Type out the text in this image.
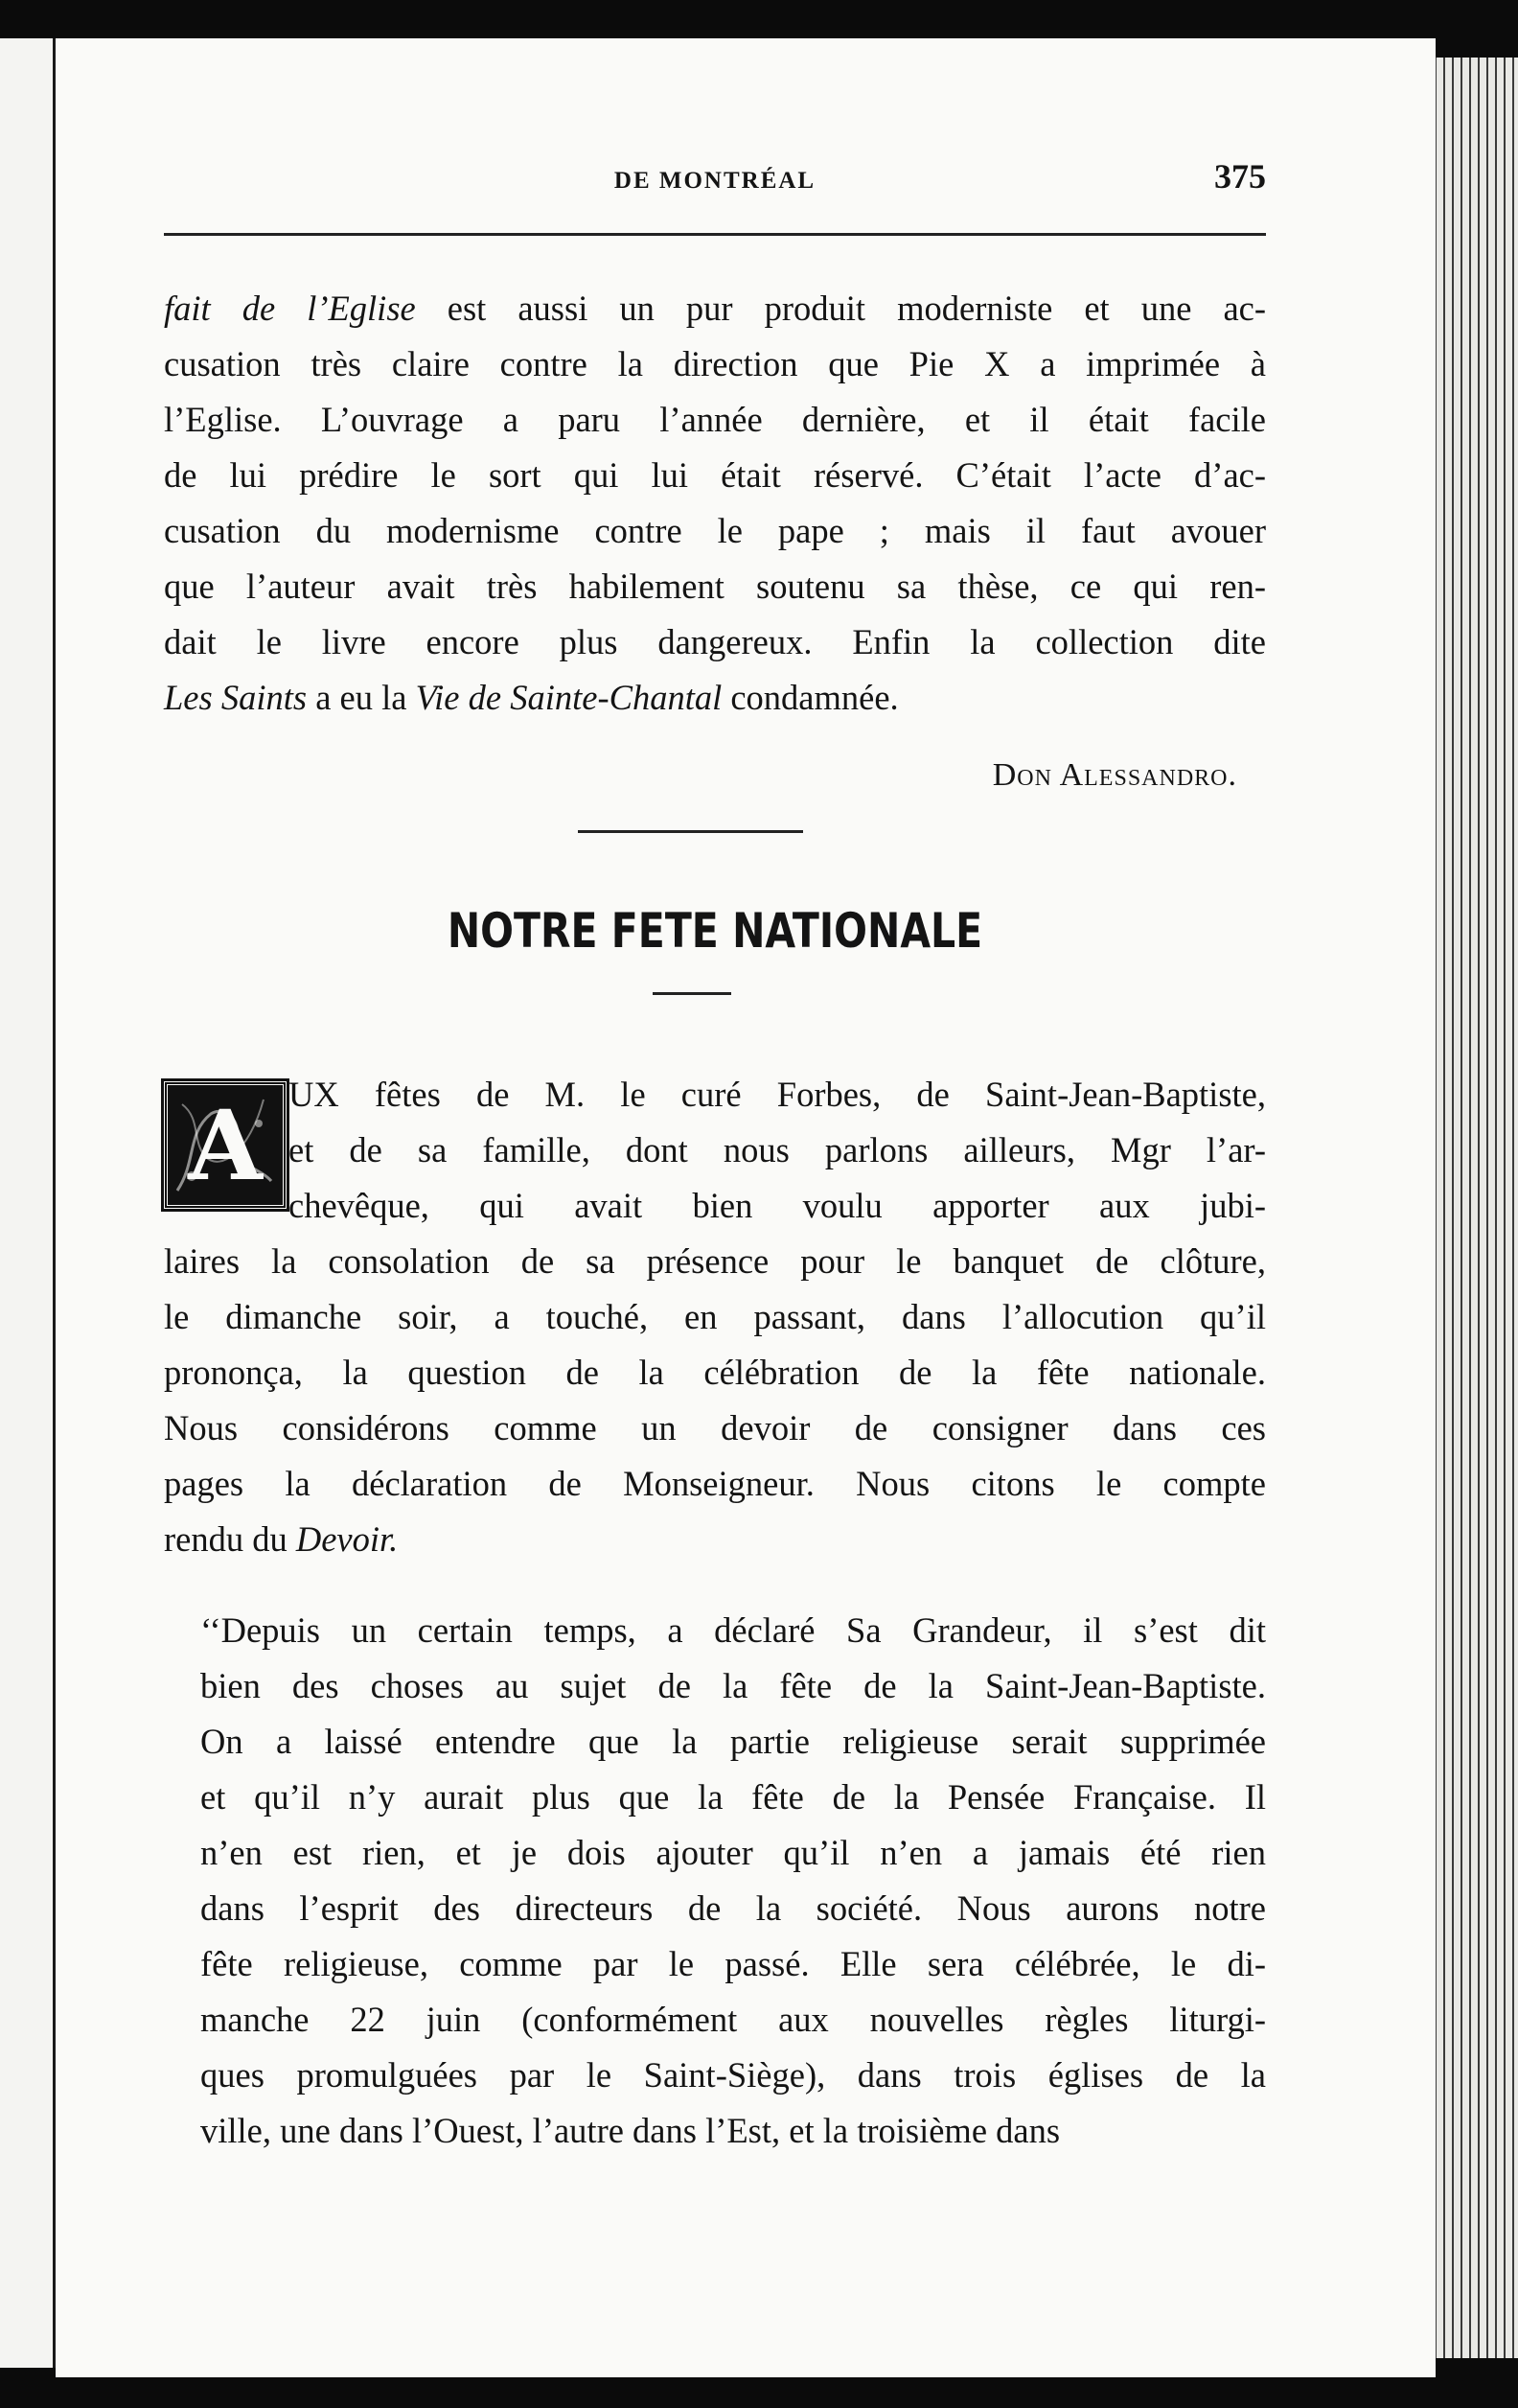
DE MONTRÉAL	375

fait de l’Eglise est aussi un pur produit moderniste et une ac-
cusation très claire contre la direction que Pie X a imprimée à
l’Eglise. L’ouvrage a paru l’année dernière, et il était facile
de lui prédire le sort qui lui était réservé. C’était l’acte d’ac-
cusation du modernisme contre le pape ; mais il faut avouer
que l’auteur avait très habilement soutenu sa thèse, ce qui ren-
dait le livre encore plus dangereux. Enfin la collection dite
Les Saints a eu la Vie de Sainte-Chantal condamnée.

Don Alessandro.
NOTRE FETE NATIONALE
A UX fêtes de M. le curé Forbes, de Saint-Jean-Baptiste,
et de sa famille, dont nous parlons ailleurs, Mgr l’ar-
chevêque, qui avait bien voulu apporter aux jubi-
laires la consolation de sa présence pour le banquet de clôture,
le dimanche soir, a touché, en passant, dans l’allocution qu’il
prononça, la question de la célébration de la fête nationale.
Nous considérons comme un devoir de consigner dans ces
pages la déclaration de Monseigneur. Nous citons le compte
rendu du Devoir.

‘‘Depuis un certain temps, a déclaré Sa Grandeur, il s’est dit
bien des choses au sujet de la fête de la Saint-Jean-Baptiste.
On a laissé entendre que la partie religieuse serait supprimée
et qu’il n’y aurait plus que la fête de la Pensée Française. Il
n’en est rien, et je dois ajouter qu’il n’en a jamais été rien
dans l’esprit des directeurs de la société. Nous aurons notre
fête religieuse, comme par le passé. Elle sera célébrée, le di-
manche 22 juin (conformément aux nouvelles règles liturgi-
ques promulguées par le Saint-Siège), dans trois églises de la
ville, une dans l’Ouest, l’autre dans l’Est, et la troisième dans
